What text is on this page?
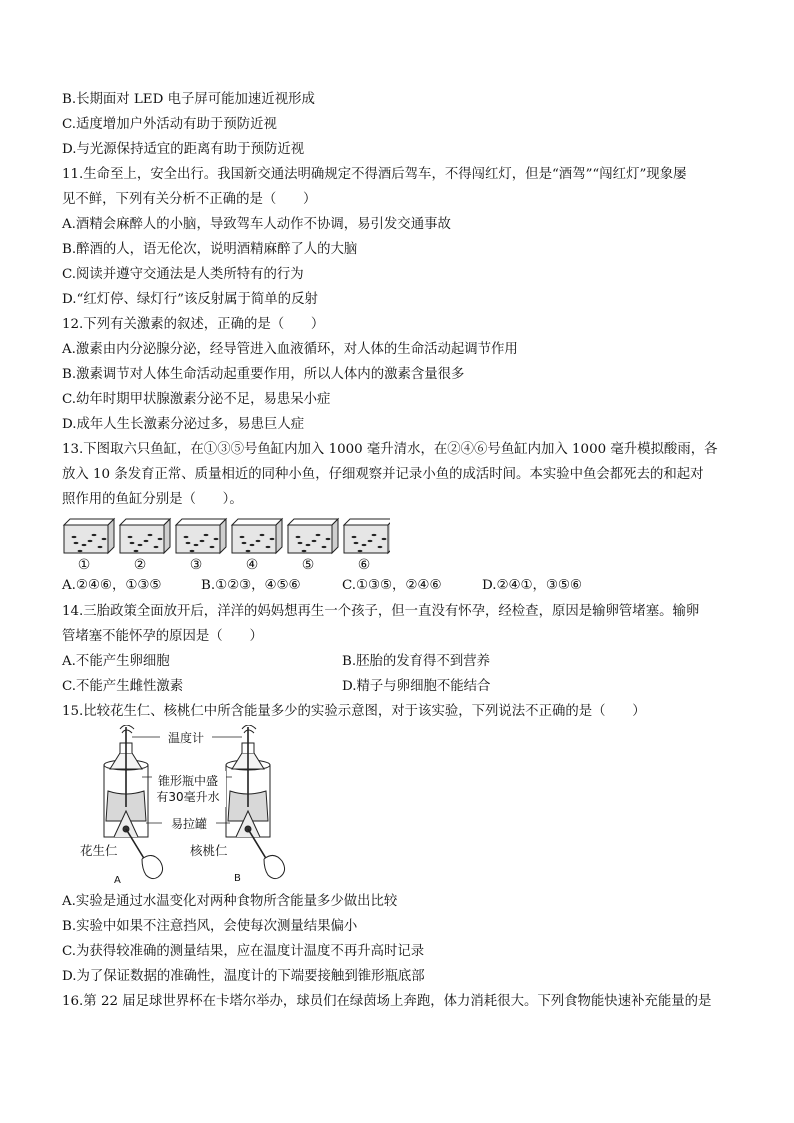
B.长期面对 LED 电子屏可能加速近视形成
C.适度增加户外活动有助于预防近视
D.与光源保持适宜的距离有助于预防近视
11.生命至上，安全出行。我国新交通法明确规定不得酒后驾车，不得闯红灯，但是“酒驾”“闯红灯”现象屡
见不鲜，下列有关分析不正确的是（　　）
A.酒精会麻醉人的小脑，导致驾车人动作不协调，易引发交通事故
B.醉酒的人，语无伦次，说明酒精麻醉了人的大脑
C.阅读并遵守交通法是人类所特有的行为
D.“红灯停、绿灯行”该反射属于简单的反射
12.下列有关激素的叙述，正确的是（　　）
A.激素由内分泌腺分泌，经导管进入血液循环，对人体的生命活动起调节作用
B.激素调节对人体生命活动起重要作用，所以人体内的激素含量很多
C.幼年时期甲状腺激素分泌不足，易患呆小症
D.成年人生长激素分泌过多，易患巨人症
13.下图取六只鱼缸，在①③⑤号鱼缸内加入 1000 毫升清水，在②④⑥号鱼缸内加入 1000 毫升模拟酸雨，各
放入 10 条发育正常、质量相近的同种小鱼，仔细观察并记录小鱼的成活时间。本实验中鱼会都死去的和起对
照作用的鱼缸分别是（　　）。
①	②	③	④	⑤	⑥
A.②④⑥，①③⑤	B.①②③，④⑤⑥	C.①③⑤，②④⑥	D.②④①，③⑤⑥
14.三胎政策全面放开后，洋洋的妈妈想再生一个孩子，但一直没有怀孕，经检查，原因是输卵管堵塞。输卵
管堵塞不能怀孕的原因是（　　）
A.不能产生卵细胞	B.胚胎的发育得不到营养
C.不能产生雌性激素	D.精子与卵细胞不能结合
15.比较花生仁、核桃仁中所含能量多少的实验示意图，对于该实验，下列说法不正确的是（　　）
温度计
锥形瓶中盛
有30毫升水
易拉罐
花生仁	核桃仁
A	B
A.实验是通过水温变化对两种食物所含能量多少做出比较
B.实验中如果不注意挡风，会使每次测量结果偏小
C.为获得较准确的测量结果，应在温度计温度不再升高时记录
D.为了保证数据的准确性，温度计的下端要接触到锥形瓶底部
16.第 22 届足球世界杯在卡塔尔举办，球员们在绿茵场上奔跑，体力消耗很大。下列食物能快速补充能量的是
